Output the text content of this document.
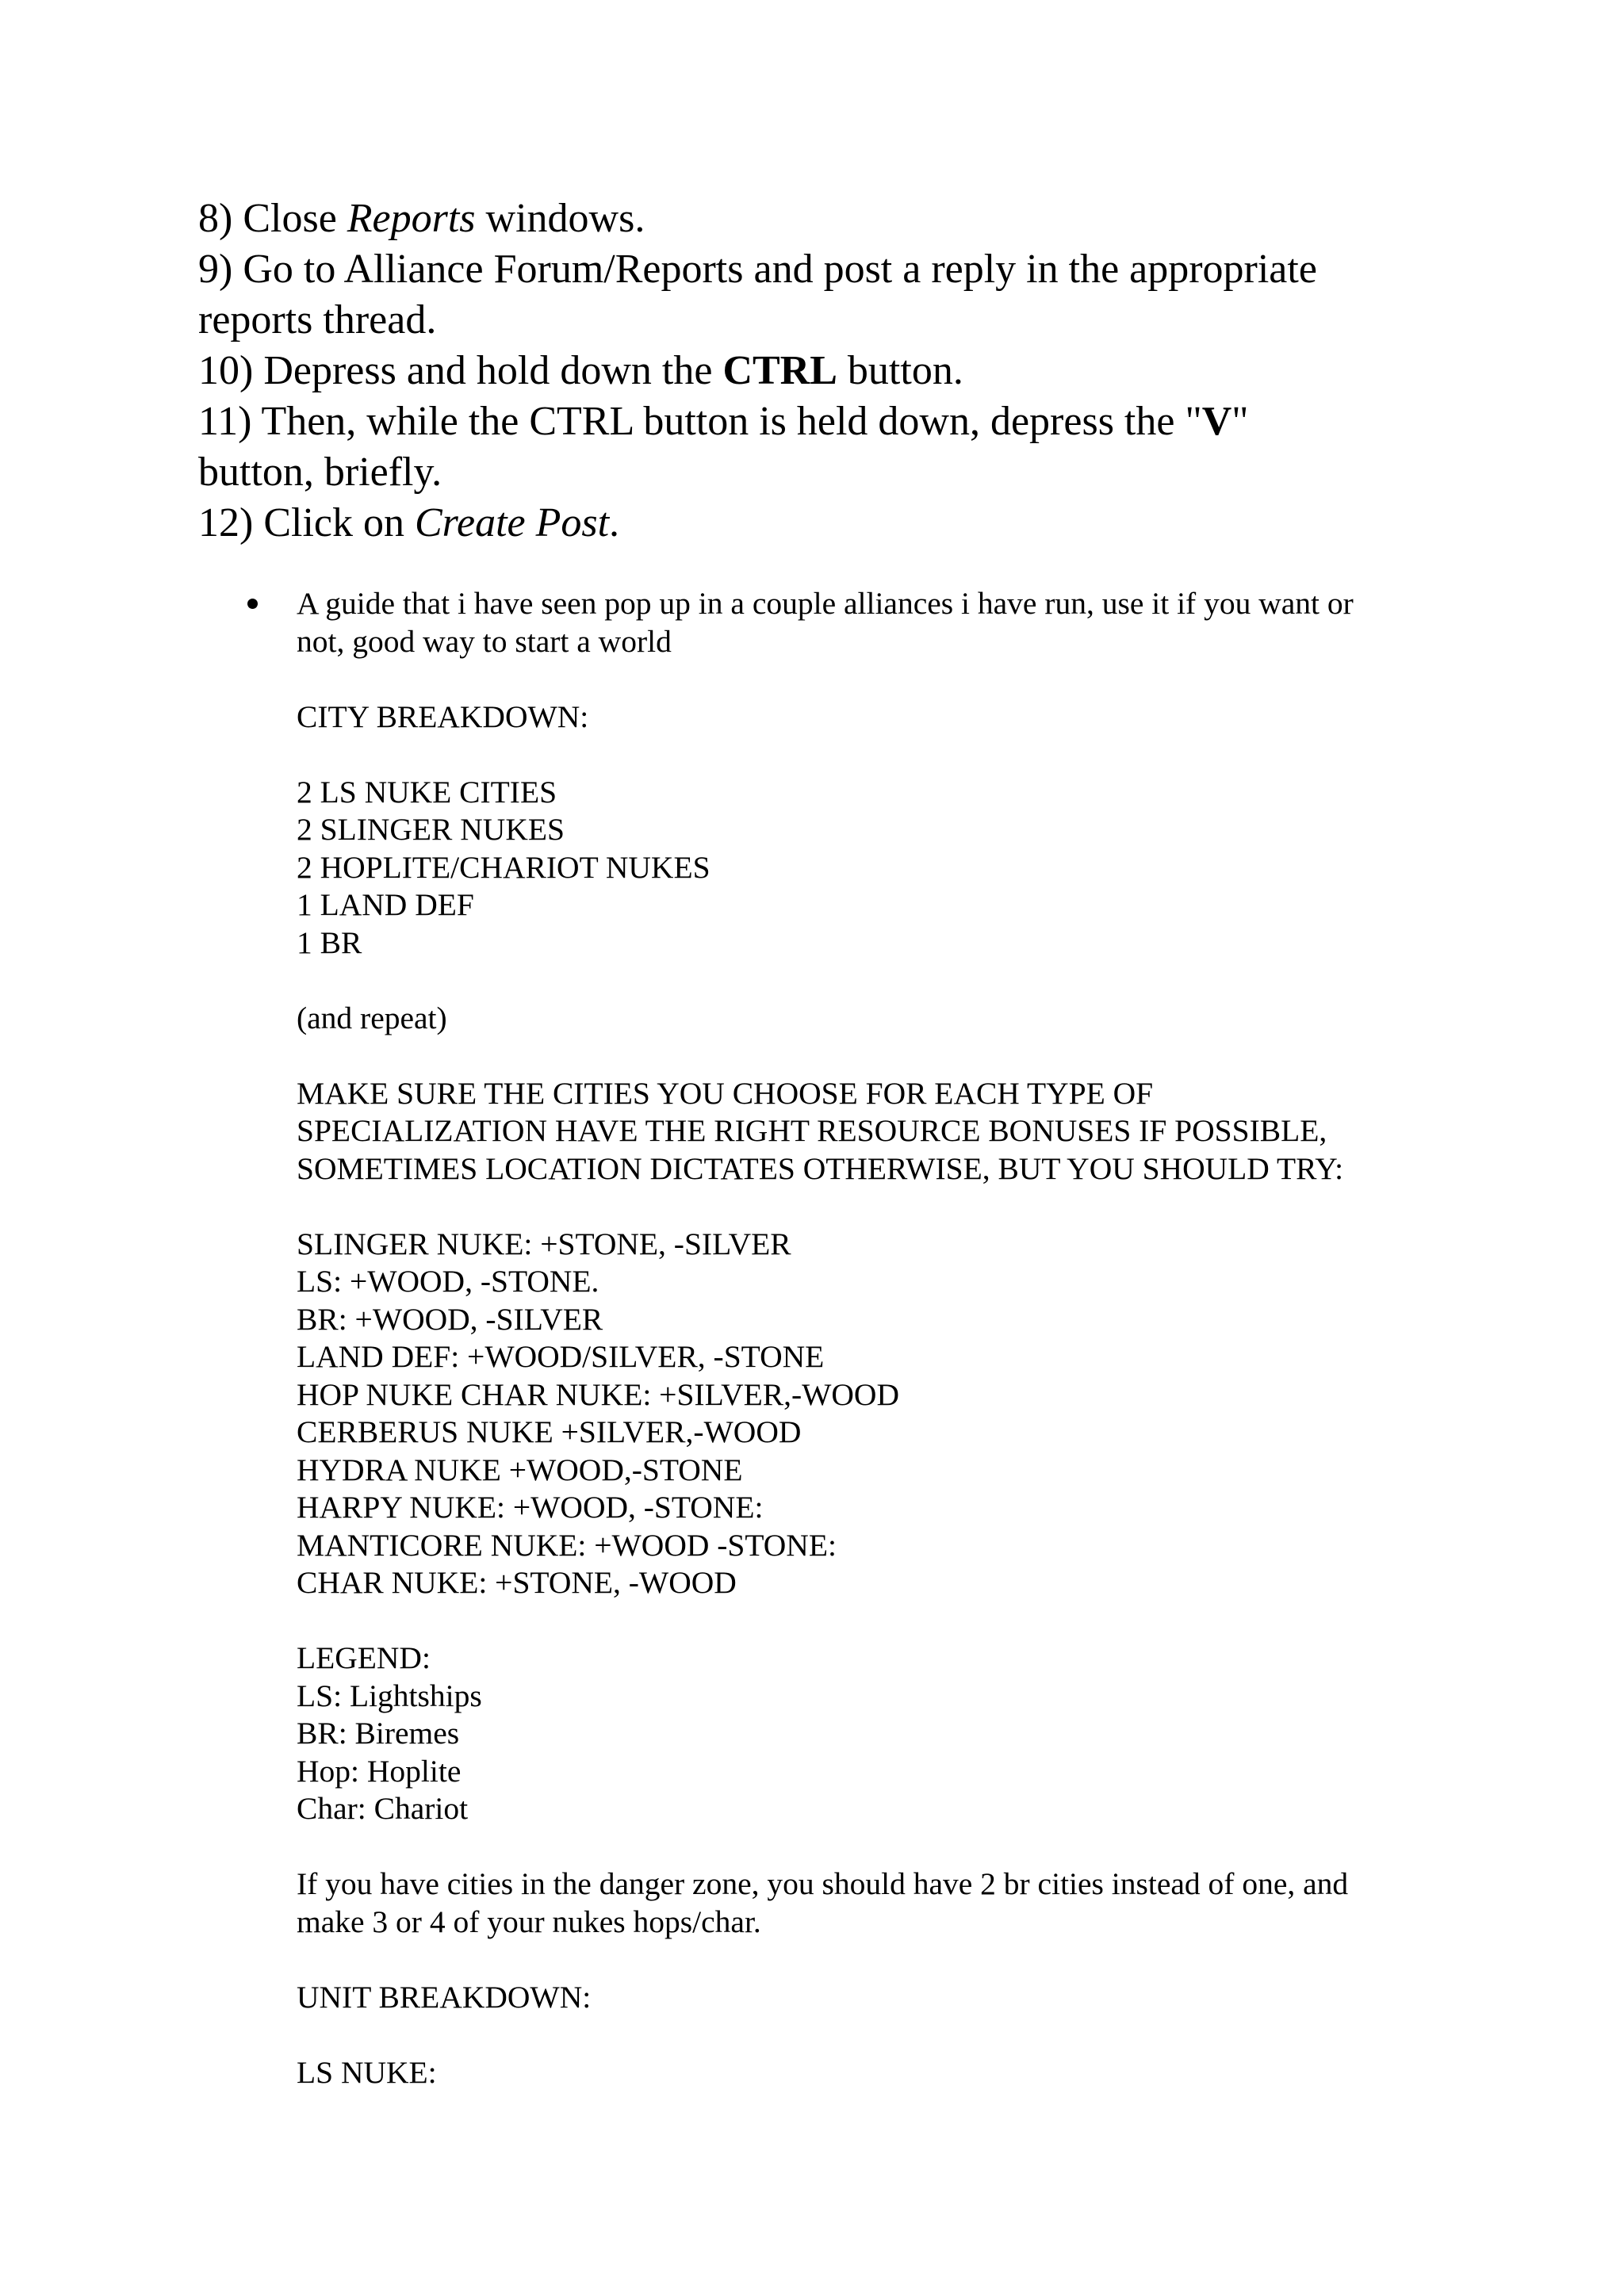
8) Close Reports windows.

9) Go to Alliance Forum/Reports and post a reply in the appropriate
reports thread.

10) Depress and hold down the CTRL button.

11) Then, while the CTRL button is held down, depress the "V"
button, briefly.

12) Click on Create Post.

A guide that i have seen pop up in a couple alliances i have run, use it if you want or
not, good way to start a world

CITY BREAKDOWN:

2 LS NUKE CITIES
2 SLINGER NUKES
2 HOPLITE/CHARIOT NUKES
1 LAND DEF
1 BR

(and repeat)

MAKE SURE THE CITIES YOU CHOOSE FOR EACH TYPE OF
SPECIALIZATION HAVE THE RIGHT RESOURCE BONUSES IF POSSIBLE,
SOMETIMES LOCATION DICTATES OTHERWISE, BUT YOU SHOULD TRY:

SLINGER NUKE: +STONE, -SILVER
LS: +WOOD, -STONE.
BR: +WOOD, -SILVER
LAND DEF: +WOOD/SILVER, -STONE
HOP NUKE CHAR NUKE: +SILVER,-WOOD
CERBERUS NUKE +SILVER,-WOOD
HYDRA NUKE +WOOD,-STONE
HARPY NUKE: +WOOD, -STONE:
MANTICORE NUKE: +WOOD -STONE:
CHAR NUKE: +STONE, -WOOD

LEGEND:
LS: Lightships
BR: Biremes
Hop: Hoplite
Char: Chariot

If you have cities in the danger zone, you should have 2 br cities instead of one, and
make 3 or 4 of your nukes hops/char.

UNIT BREAKDOWN:

LS NUKE:
